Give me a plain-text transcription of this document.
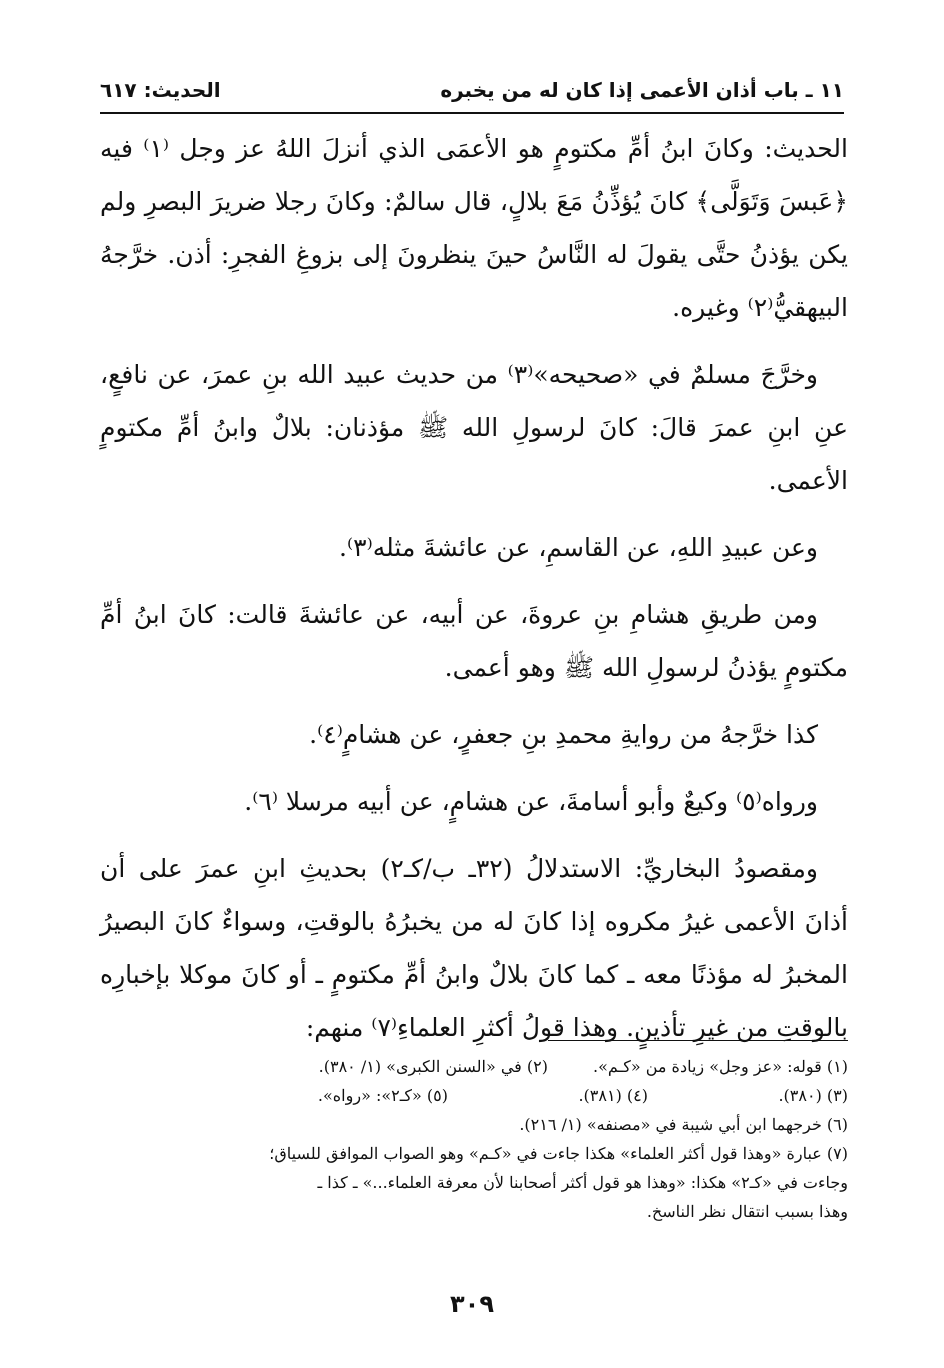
١١ ـ باب أذان الأعمى إذا كان له من يخبره
الحديث: ٦١٧

الحديث: وكانَ ابنُ أمِّ مكتومٍ هو الأعمَى الذي أنزلَ اللهُ عز وجل ⁽١⁾ فيه ﴿عَبسَ وَتَوَلَّى﴾ كانَ يُؤذِّنُ مَعَ بلالٍ، قال سالمٌ: وكانَ رجلا ضريرَ البصرِ ولم يكن يؤذنُ حتَّى يقولَ له النَّاسُ حينَ ينظرونَ إلى بزوغِ الفجرِ: أذن. خرَّجهُ البيهقيُّ⁽٢⁾ وغيره.

وخرَّجَ مسلمٌ في «صحيحه»⁽٣⁾ من حديث عبيد الله بنِ عمرَ، عن نافعٍ، عنِ ابنِ عمرَ قالَ: كانَ لرسولِ الله ﷺ مؤذنان: بلالٌ وابنُ أمِّ مكتومٍ الأعمى.

وعن عبيدِ اللهِ، عن القاسمِ، عن عائشةَ مثله⁽٣⁾.

ومن طريقِ هشامِ بنِ عروةَ، عن أبيه، عن عائشةَ قالت: كانَ ابنُ أمِّ مكتومٍ يؤذنُ لرسولِ الله ﷺ وهو أعمى.

كذا خرَّجهُ من روايةِ محمدِ بنِ جعفرٍ، عن هشامٍ⁽٤⁾.

ورواه⁽٥⁾ وكيعٌ وأبو أسامةَ، عن هشامٍ، عن أبيه مرسلا ⁽٦⁾.

ومقصودُ البخاريِّ: الاستدلالُ (٣٢ـ ب/كـ٢) بحديثِ ابنِ عمرَ على أن أذانَ الأعمى غيرُ مكروه إذا كانَ له من يخبرُهُ بالوقتِ، وسواءٌ كانَ البصيرُ المخبرُ له مؤذنًا معه ـ كما كانَ بلالٌ وابنُ أمِّ مكتومٍ ـ أو كانَ موكلا بإخبارِه بالوقتِ من غيرِ تأذينٍ. وهذا قولُ أكثرِ العلماءِ⁽٧⁾ منهم:

(١) قوله: «عز وجل» زيادة من «كـم».
(٢) في «السنن الكبرى» (١/ ٣٨٠).
(٣) (٣٨٠).
(٤) (٣٨١).
(٥) «كـ٢»: «رواه».
(٦) خرجهما ابن أبي شيبة في «مصنفه» (١/ ٢١٦).
(٧) عبارة «وهذا قول أكثر العلماء» هكذا جاءت في «كـم» وهو الصواب الموافق للسياق؛
وجاءت في «كـ٢» هكذا: «وهذا هو قول أكثر أصحابنا لأن معرفة العلماء...» ـ كذا ـ
وهذا بسبب انتقال نظر الناسخ.
٣٠٩
